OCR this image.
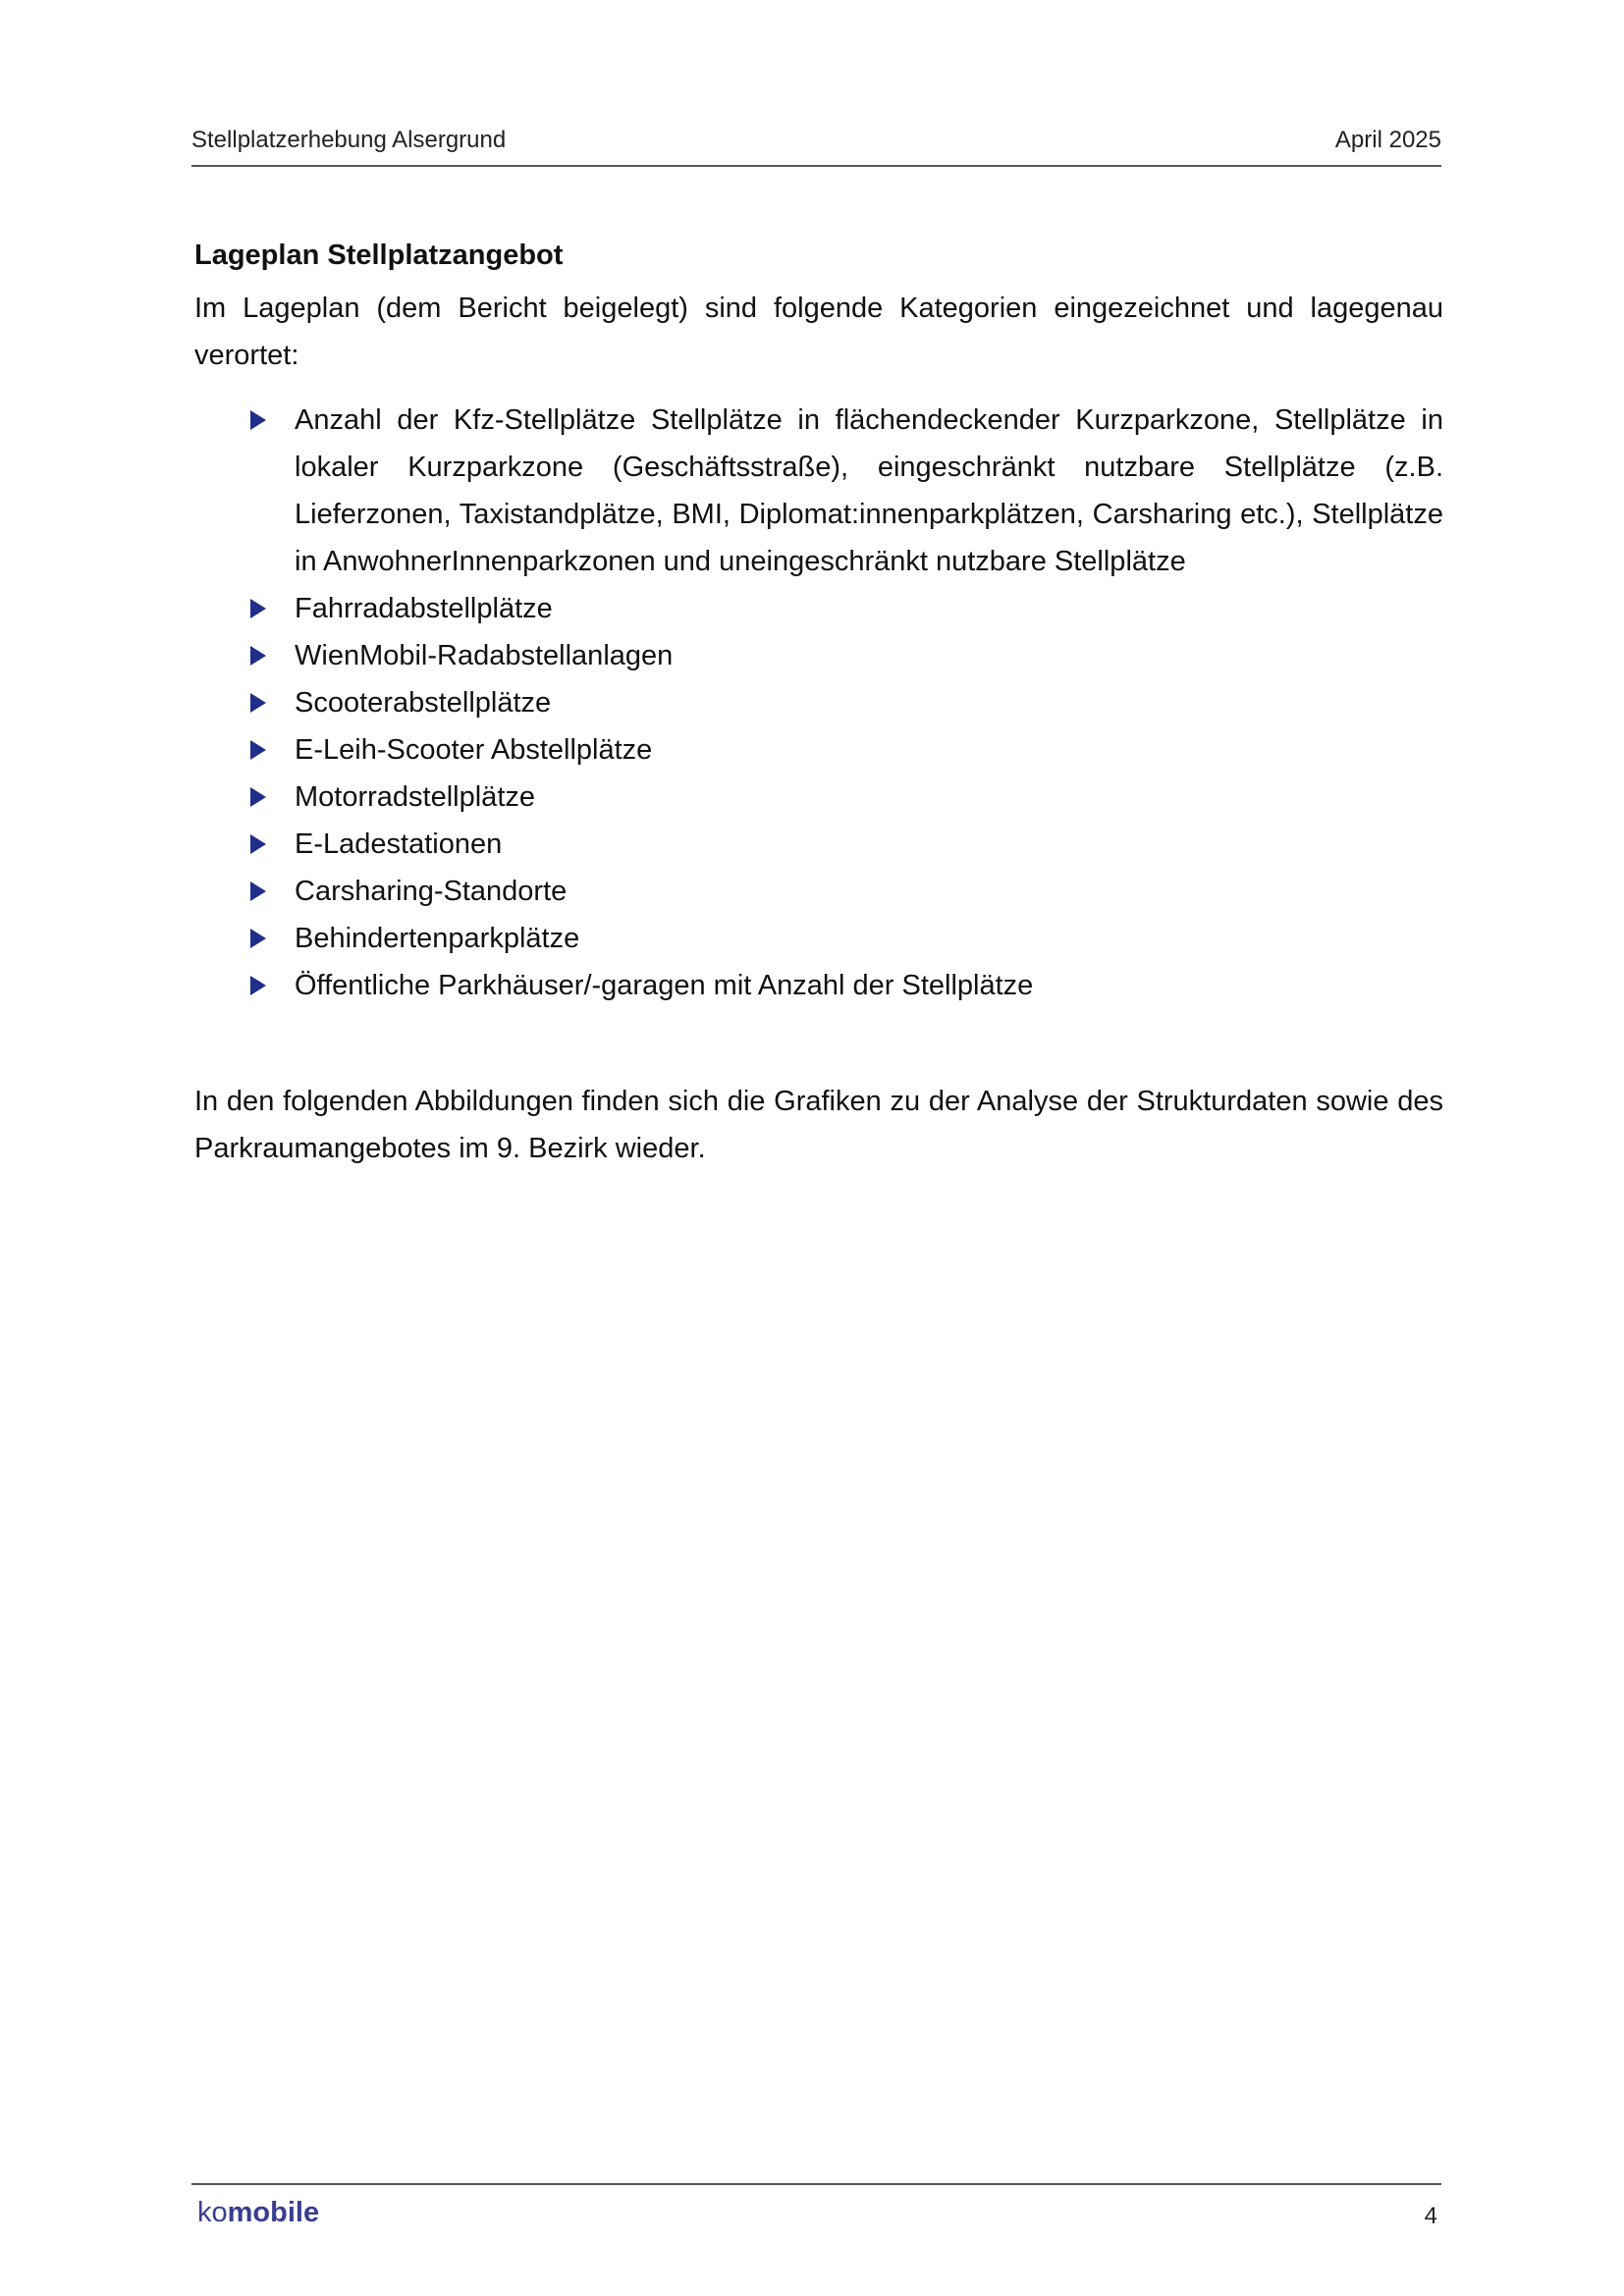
Stellplatzerhebung Alsergrund	April 2025
Lageplan Stellplatzangebot

Im Lageplan (dem Bericht beigelegt) sind folgende Kategorien eingezeichnet und lagegenau verortet:

Anzahl der Kfz-Stellplätze Stellplätze in flächendeckender Kurzparkzone, Stellplätze in lokaler Kurzparkzone (Geschäftsstraße), eingeschränkt nutzbare Stellplätze (z.B. Lieferzonen, Taxistandplätze, BMI, Diplomat:innenparkplätzen, Carsharing etc.), Stellplätze in AnwohnerInnenparkzonen und uneingeschränkt nutzbare Stellplätze
Fahrradabstellplätze
WienMobil-Radabstellanlagen
Scooterabstellplätze
E-Leih-Scooter Abstellplätze
Motorradstellplätze
E-Ladestationen
Carsharing-Standorte
Behindertenparkplätze
Öffentliche Parkhäuser/-garagen mit Anzahl der Stellplätze

In den folgenden Abbildungen finden sich die Grafiken zu der Analyse der Strukturdaten sowie des Parkraumangebotes im 9. Bezirk wieder.

komobile	4
